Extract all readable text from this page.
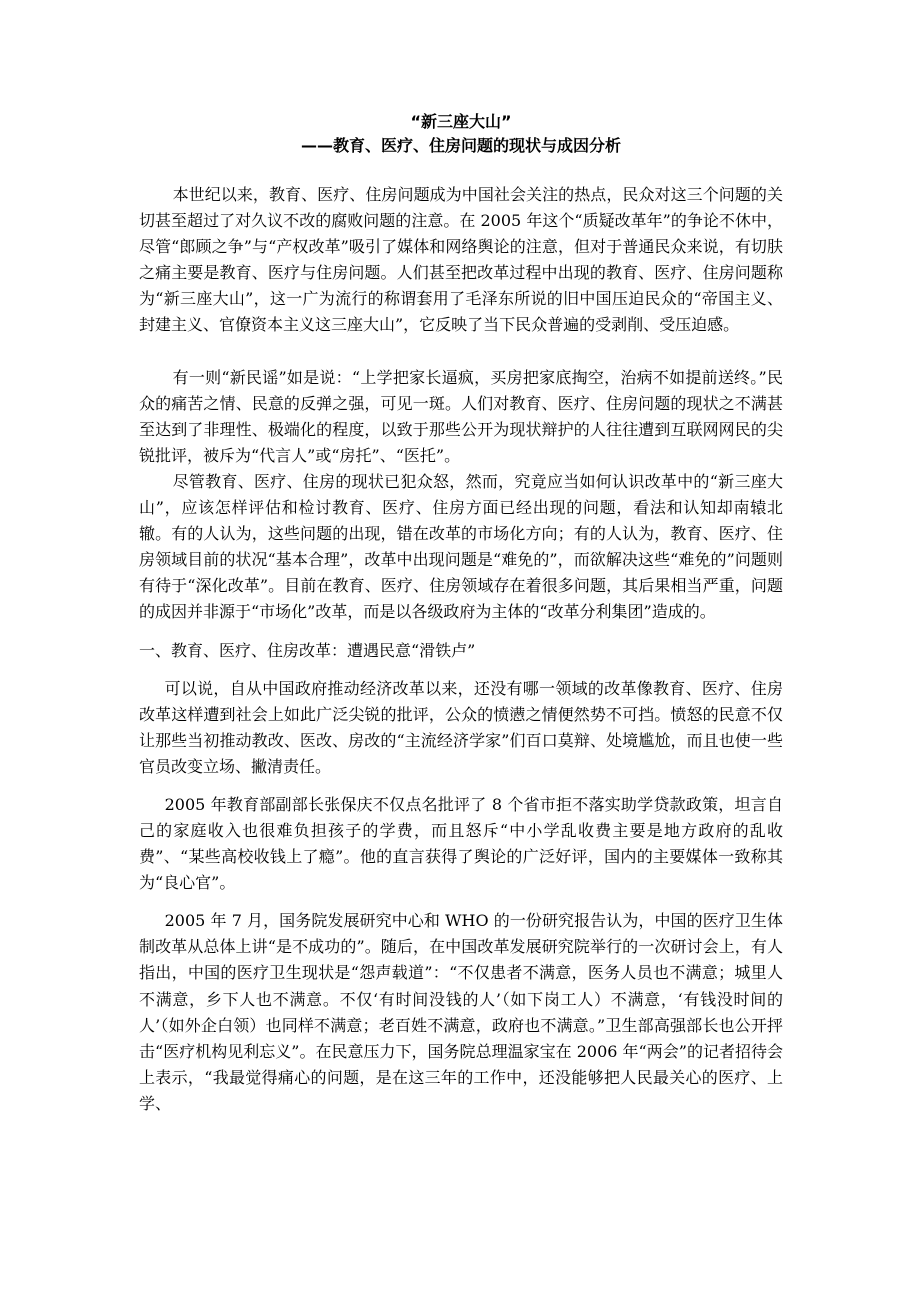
“新三座大山”

——教育、医疗、住房问题的现状与成因分析

本世纪以来，教育、医疗、住房问题成为中国社会关注的热点，民众对这三个问题的关切甚至超过了对久议不改的腐败问题的注意。在 2005 年这个“质疑改革年”的争论不休中，尽管“郎顾之争”与“产权改革”吸引了媒体和网络舆论的注意，但对于普通民众来说，有切肤之痛主要是教育、医疗与住房问题。人们甚至把改革过程中出现的教育、医疗、住房问题称为“新三座大山”，这一广为流行的称谓套用了毛泽东所说的旧中国压迫民众的“帝国主义、封建主义、官僚资本主义这三座大山”，它反映了当下民众普遍的受剥削、受压迫感。

有一则“新民谣”如是说：“上学把家长逼疯，买房把家底掏空，治病不如提前送终。”民众的痛苦之情、民意的反弹之强，可见一斑。人们对教育、医疗、住房问题的现状之不满甚至达到了非理性、极端化的程度，以致于那些公开为现状辩护的人往往遭到互联网网民的尖锐批评，被斥为“代言人”或“房托”、“医托”。

尽管教育、医疗、住房的现状已犯众怒，然而，究竟应当如何认识改革中的“新三座大山”，应该怎样评估和检讨教育、医疗、住房方面已经出现的问题，看法和认知却南辕北辙。有的人认为，这些问题的出现，错在改革的市场化方向；有的人认为，教育、医疗、住房领域目前的状况“基本合理”，改革中出现问题是“难免的”，而欲解决这些“难免的”问题则有待于“深化改革”。目前在教育、医疗、住房领域存在着很多问题，其后果相当严重，问题的成因并非源于“市场化”改革，而是以各级政府为主体的“改革分利集团”造成的。

一、教育、医疗、住房改革：遭遇民意“滑铁卢”

可以说，自从中国政府推动经济改革以来，还没有哪一领域的改革像教育、医疗、住房改革这样遭到社会上如此广泛尖锐的批评，公众的愤懑之情便然势不可挡。愤怒的民意不仅让那些当初推动教改、医改、房改的“主流经济学家”们百口莫辩、处境尴尬，而且也使一些官员改变立场、撇清责任。

2005 年教育部副部长张保庆不仅点名批评了 8 个省市拒不落实助学贷款政策，坦言自己的家庭收入也很难负担孩子的学费，而且怒斥“中小学乱收费主要是地方政府的乱收费”、“某些高校收钱上了瘾”。他的直言获得了舆论的广泛好评，国内的主要媒体一致称其为“良心官”。

2005 年 7 月，国务院发展研究中心和 WHO 的一份研究报告认为，中国的医疗卫生体制改革从总体上讲“是不成功的”。随后，在中国改革发展研究院举行的一次研讨会上，有人指出，中国的医疗卫生现状是“怨声载道”：“不仅患者不满意，医务人员也不满意；城里人不满意，乡下人也不满意。不仅‘有时间没钱的人’（如下岗工人）不满意，‘有钱没时间的人’（如外企白领）也同样不满意；老百姓不满意，政府也不满意。”卫生部高强部长也公开抨击“医疗机构见利忘义”。在民意压力下，国务院总理温家宝在 2006 年“两会”的记者招待会上表示，“我最觉得痛心的问题，是在这三年的工作中，还没能够把人民最关心的医疗、上学、
